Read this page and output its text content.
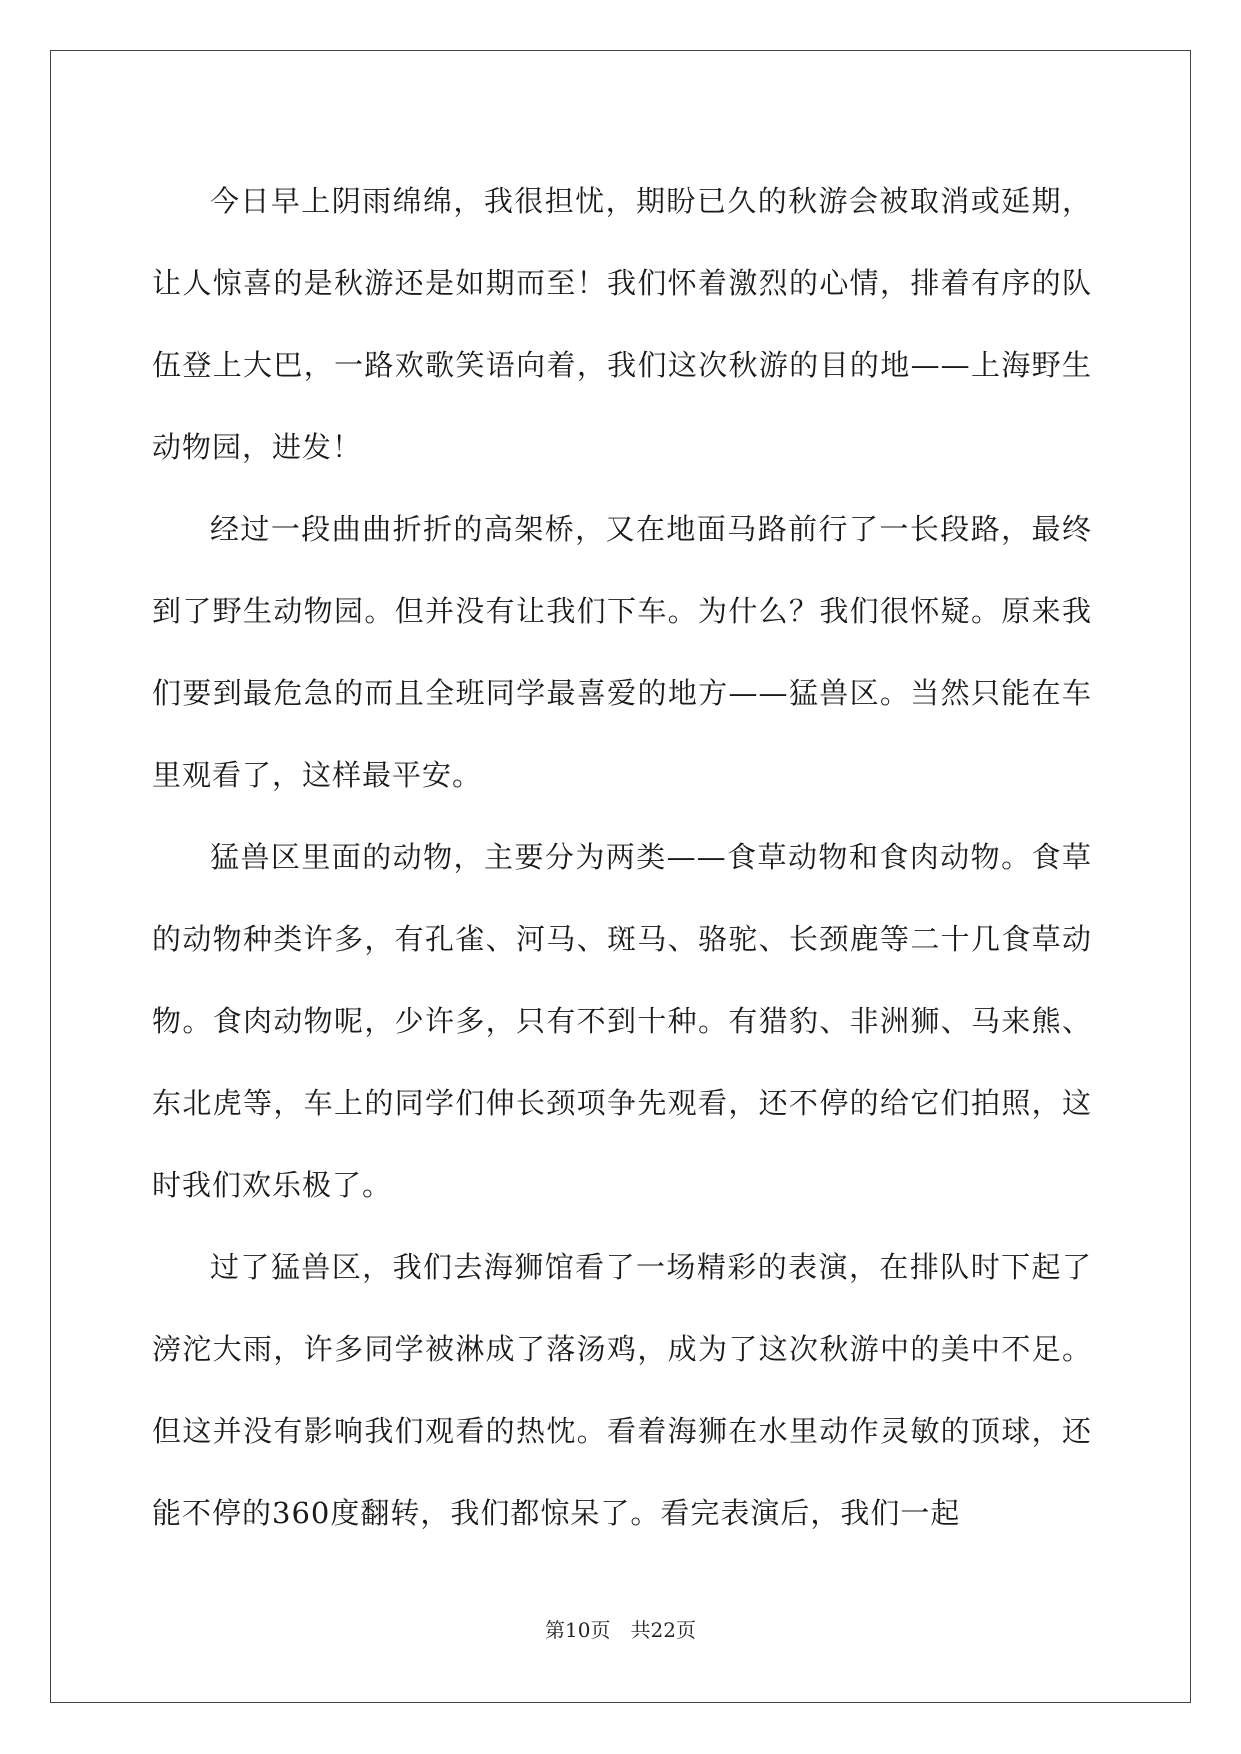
今日早上阴雨绵绵，我很担忧，期盼已久的秋游会被取消或延期，让人惊喜的是秋游还是如期而至！我们怀着激烈的心情，排着有序的队伍登上大巴，一路欢歌笑语向着，我们这次秋游的目的地——上海野生动物园，进发！

经过一段曲曲折折的高架桥，又在地面马路前行了一长段路，最终到了野生动物园。但并没有让我们下车。为什么？我们很怀疑。原来我们要到最危急的而且全班同学最喜爱的地方——猛兽区。当然只能在车里观看了，这样最平安。

猛兽区里面的动物，主要分为两类——食草动物和食肉动物。食草的动物种类许多，有孔雀、河马、斑马、骆驼、长颈鹿等二十几食草动物。食肉动物呢，少许多，只有不到十种。有猎豹、非洲狮、马来熊、东北虎等，车上的同学们伸长颈项争先观看，还不停的给它们拍照，这时我们欢乐极了。

过了猛兽区，我们去海狮馆看了一场精彩的表演，在排队时下起了滂沱大雨，许多同学被淋成了落汤鸡，成为了这次秋游中的美中不足。但这并没有影响我们观看的热忱。看着海狮在水里动作灵敏的顶球，还能不停的360度翻转，我们都惊呆了。看完表演后，我们一起

第10页 共22页
